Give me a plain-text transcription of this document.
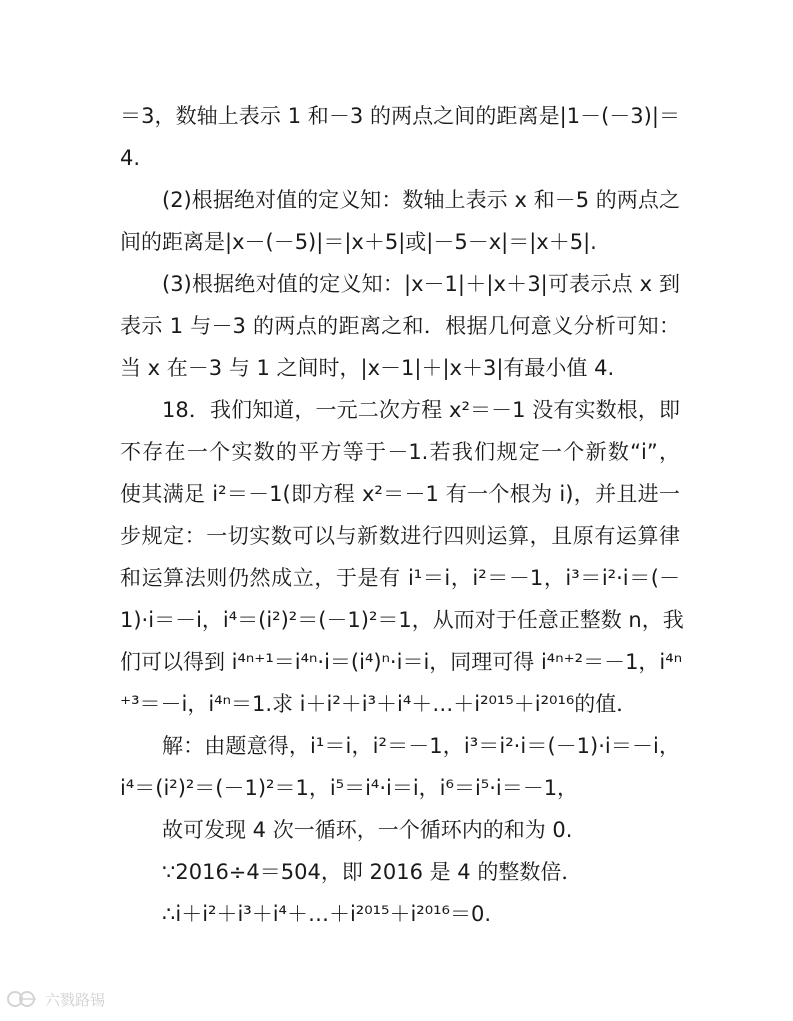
＝3，数轴上表示 1 和－3 的两点之间的距离是|1－(－3)|＝
4.
(2)根据绝对值的定义知：数轴上表示 x 和－5 的两点之
间的距离是|x－(－5)|＝|x＋5|或|－5－x|＝|x＋5|.
(3)根据绝对值的定义知：|x－1|＋|x＋3|可表示点 x 到
表示 1 与－3 的两点的距离之和．根据几何意义分析可知：
当 x 在－3 与 1 之间时，|x－1|＋|x＋3|有最小值 4.
18．我们知道，一元二次方程 x²＝－1 没有实数根，即
不存在一个实数的平方等于－1.若我们规定一个新数“i”，
使其满足 i²＝－1(即方程 x²＝－1 有一个根为 i)，并且进一
步规定：一切实数可以与新数进行四则运算，且原有运算律
和运算法则仍然成立，于是有 i¹＝i，i²＝－1，i³＝i²·i＝(－
1)·i＝－i，i⁴＝(i²)²＝(－1)²＝1，从而对于任意正整数 n，我
们可以得到 i⁴ⁿ⁺¹＝i⁴ⁿ·i＝(i⁴)ⁿ·i＝i，同理可得 i⁴ⁿ⁺²＝－1，i⁴ⁿ
⁺³＝－i，i⁴ⁿ＝1.求 i＋i²＋i³＋i⁴＋…＋i²⁰¹⁵＋i²⁰¹⁶的值．
解：由题意得，i¹＝i，i²＝－1，i³＝i²·i＝(－1)·i＝－i，
i⁴＝(i²)²＝(－1)²＝1，i⁵＝i⁴·i＝i，i⁶＝i⁵·i＝－1，
故可发现 4 次一循环，一个循环内的和为 0.
∵2016÷4＝504，即 2016 是 4 的整数倍．
∴i＋i²＋i³＋i⁴＋…＋i²⁰¹⁵＋i²⁰¹⁶＝0.
六戮路锡
